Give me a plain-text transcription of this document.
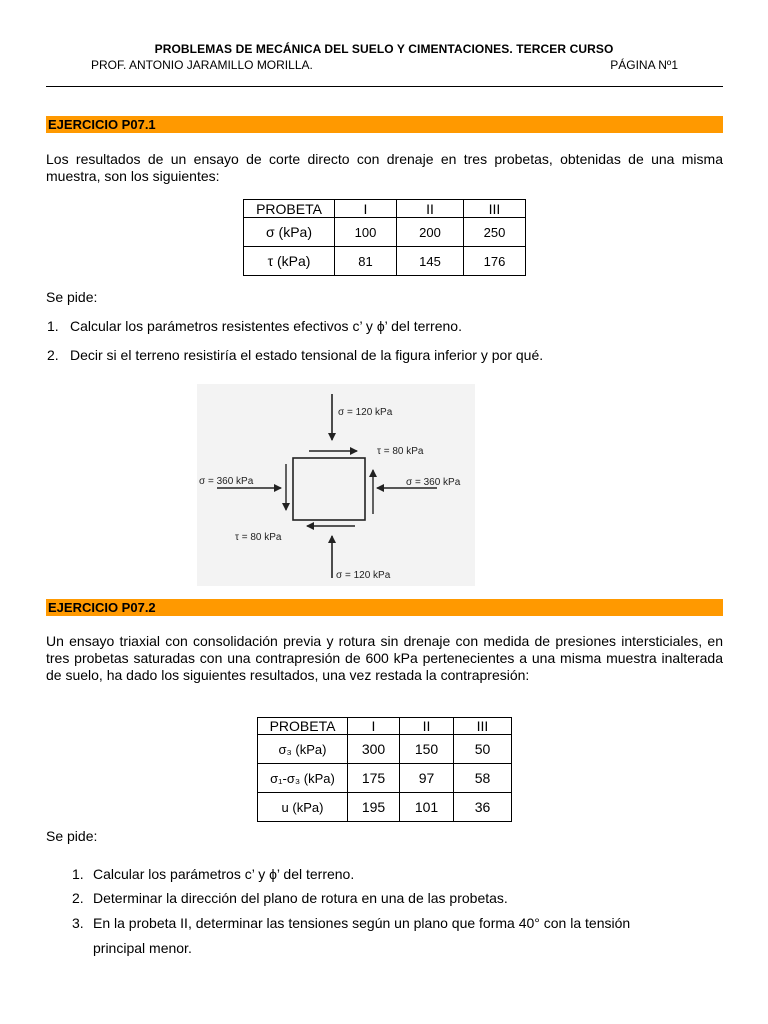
PROBLEMAS DE MECÁNICA DEL SUELO Y CIMENTACIONES. TERCER CURSO
PROF. ANTONIO JARAMILLO MORILLA.	PÁGINA Nº1
EJERCICIO P07.1
Los resultados de un ensayo de corte directo con drenaje en tres probetas, obtenidas de una misma muestra, son los siguientes:
PROBETA	I	II	III
σ (kPa)	100	200	250
τ (kPa)	81	145	176
Se pide:
1. Calcular los parámetros resistentes efectivos c’ y ϕ’ del terreno.
2. Decir si el terreno resistiría el estado tensional de la figura inferior y por qué.
σ = 120 kPa
τ = 80 kPa
σ = 360 kPa	σ = 360 kPa
τ = 80 kPa
σ = 120 kPa
EJERCICIO P07.2
Un ensayo triaxial con consolidación previa y rotura sin drenaje con medida de presiones intersticiales, en tres probetas saturadas con una contrapresión de 600 kPa pertenecientes a una misma muestra inalterada de suelo, ha dado los siguientes resultados, una vez restada la contrapresión:
PROBETA	I	II	III
σ₃ (kPa)	300	150	50
σ₁-σ₃ (kPa)	175	97	58
u (kPa)	195	101	36
Se pide:
1. Calcular los parámetros c’ y ϕ’ del terreno.
2. Determinar la dirección del plano de rotura en una de las probetas.
3. En la probeta II, determinar las tensiones según un plano que forma 40° con la tensión
principal menor.
